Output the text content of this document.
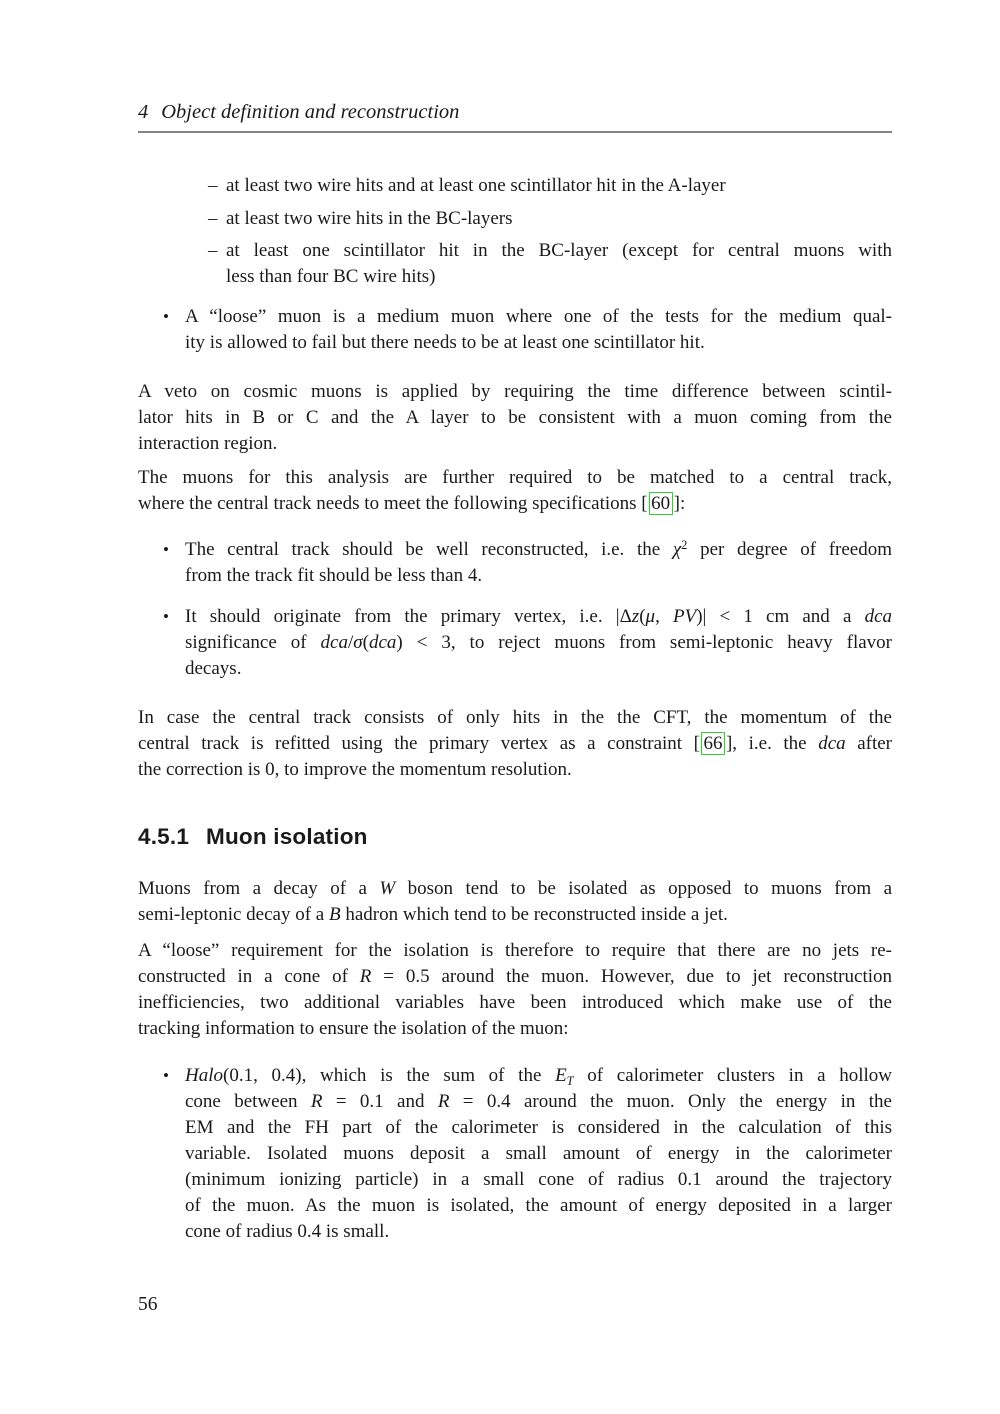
4 Object definition and reconstruction
– at least two wire hits and at least one scintillator hit in the A-layer
– at least two wire hits in the BC-layers
– at least one scintillator hit in the BC-layer (except for central muons with
less than four BC wire hits)
• A “loose” muon is a medium muon where one of the tests for the medium qual-
ity is allowed to fail but there needs to be at least one scintillator hit.
A veto on cosmic muons is applied by requiring the time difference between scintil-
lator hits in B or C and the A layer to be consistent with a muon coming from the
interaction region.
The muons for this analysis are further required to be matched to a central track,
where the central track needs to meet the following specifications [ 60 ]:
• The central track should be well reconstructed, i.e. the $\chi^2$ per degree of freedom
from the track fit should be less than 4.
• It should originate from the primary vertex, i.e. |Δz(μ, PV)| < 1 cm and a dca
significance of dca/σ(dca) < 3, to reject muons from semi-leptonic heavy flavor
decays.
In case the central track consists of only hits in the the CFT, the momentum of the
central track is refitted using the primary vertex as a constraint [ 66 ], i.e. the dca after
the correction is 0, to improve the momentum resolution.
4.5.1 Muon isolation
Muons from a decay of a W boson tend to be isolated as opposed to muons from a
semi-leptonic decay of a B hadron which tend to be reconstructed inside a jet.
A “loose” requirement for the isolation is therefore to require that there are no jets re-
constructed in a cone of R = 0.5 around the muon. However, due to jet reconstruction
inefficiencies, two additional variables have been introduced which make use of the
tracking information to ensure the isolation of the muon:
• Halo(0.1, 0.4), which is the sum of the $E_T$ of calorimeter clusters in a hollow
cone between R = 0.1 and R = 0.4 around the muon. Only the energy in the
EM and the FH part of the calorimeter is considered in the calculation of this
variable. Isolated muons deposit a small amount of energy in the calorimeter
(minimum ionizing particle) in a small cone of radius 0.1 around the trajectory
of the muon. As the muon is isolated, the amount of energy deposited in a larger
cone of radius 0.4 is small.
56
